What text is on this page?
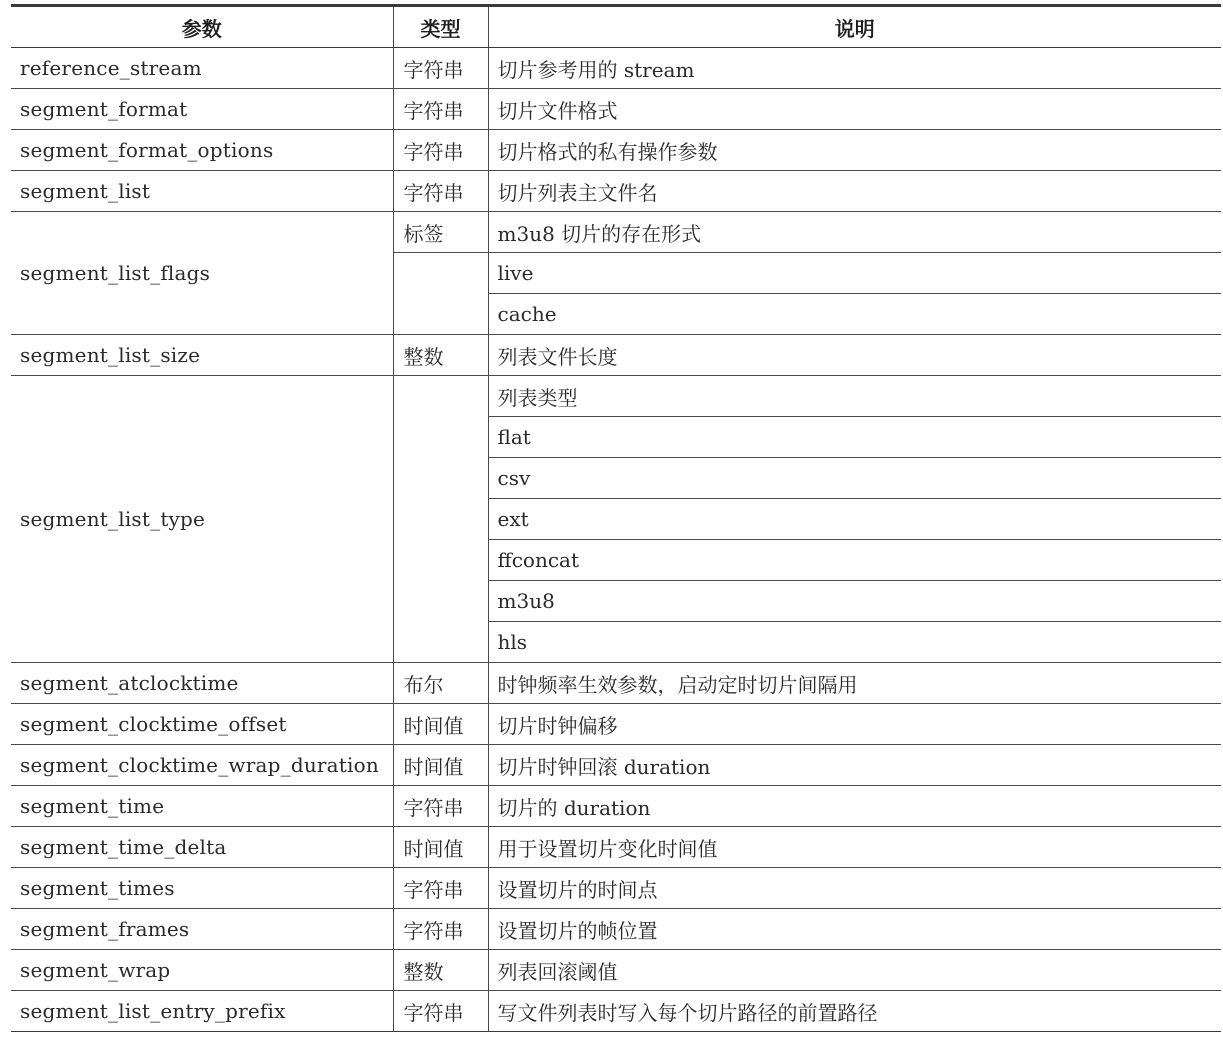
参数	类型	说明
reference_stream	字符串	切片参考用的 stream
segment_format	字符串	切片文件格式
segment_format_options	字符串	切片格式的私有操作参数
segment_list	字符串	切片列表主文件名
segment_list_flags	标签	m3u8 切片的存在形式
		live
		cache
segment_list_size	整数	列表文件长度
segment_list_type		列表类型
		flat
		csv
		ext
		ffconcat
		m3u8
		hls
segment_atclocktime	布尔	时钟频率生效参数，启动定时切片间隔用
segment_clocktime_offset	时间值	切片时钟偏移
segment_clocktime_wrap_duration	时间值	切片时钟回滚 duration
segment_time	字符串	切片的 duration
segment_time_delta	时间值	用于设置切片变化时间值
segment_times	字符串	设置切片的时间点
segment_frames	字符串	设置切片的帧位置
segment_wrap	整数	列表回滚阈值
segment_list_entry_prefix	字符串	写文件列表时写入每个切片路径的前置路径
